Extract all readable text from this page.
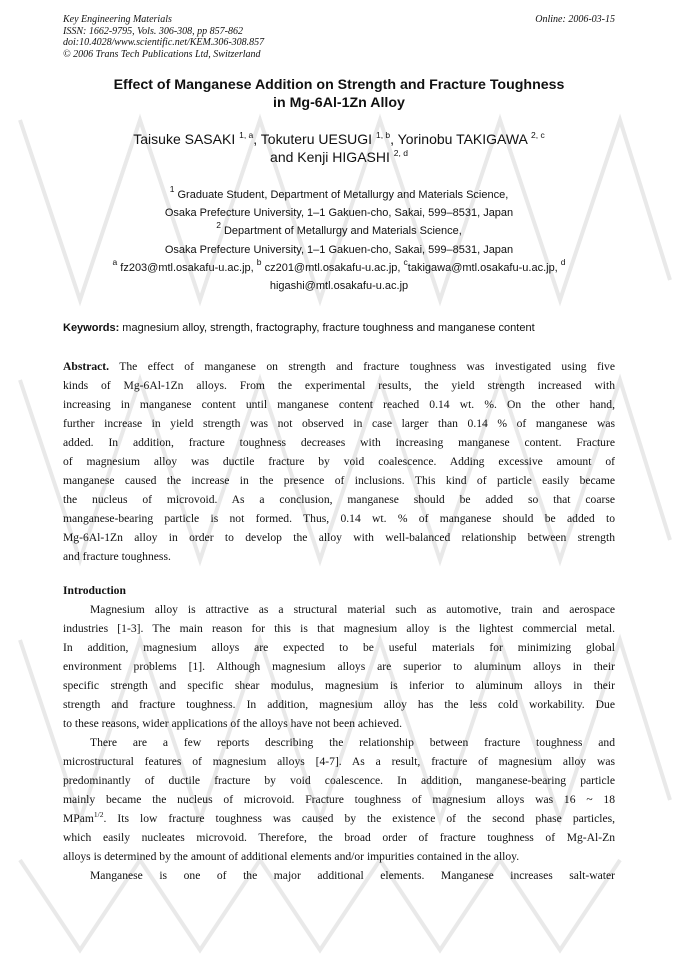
Key Engineering Materials
ISSN: 1662-9795, Vols. 306-308, pp 857-862
doi:10.4028/www.scientific.net/KEM.306-308.857
© 2006 Trans Tech Publications Ltd, Switzerland
Online: 2006-03-15
Effect of Manganese Addition on Strength and Fracture Toughness
in Mg-6Al-1Zn Alloy
Taisuke SASAKI $^{1, a}$, Tokuteru UESUGI $^{1, b}$, Yorinobu TAKIGAWA $^{2, c}$
and Kenji HIGASHI $^{2, d}$
$^1$ Graduate Student, Department of Metallurgy and Materials Science,
Osaka Prefecture University, 1–1 Gakuen-cho, Sakai, 599–8531, Japan
$^2$ Department of Metallurgy and Materials Science,
Osaka Prefecture University, 1–1 Gakuen-cho, Sakai, 599–8531, Japan
$^a$ fz203@mtl.osakafu-u.ac.jp, $^b$ cz201@mtl.osakafu-u.ac.jp, $^c$takigawa@mtl.osakafu-u.ac.jp, $^d$
higashi@mtl.osakafu-u.ac.jp
Keywords: magnesium alloy, strength, fractography, fracture toughness and manganese content
Abstract. The effect of manganese on strength and fracture toughness was investigated using five
kinds of Mg-6Al-1Zn alloys. From the experimental results, the yield strength increased with
increasing in manganese content until manganese content reached 0.14 wt. %. On the other hand,
further increase in yield strength was not observed in case larger than 0.14 % of manganese was
added. In addition, fracture toughness decreases with increasing manganese content. Fracture
of magnesium alloy was ductile fracture by void coalescence. Adding excessive amount of
manganese caused the increase in the presence of inclusions. This kind of particle easily became
the nucleus of microvoid. As a conclusion, manganese should be added so that coarse
manganese-bearing particle is not formed. Thus, 0.14 wt. % of manganese should be added to
Mg-6Al-1Zn alloy in order to develop the alloy with well-balanced relationship between strength
and fracture toughness.
Introduction
Magnesium alloy is attractive as a structural material such as automotive, train and aerospace
industries [1-3]. The main reason for this is that magnesium alloy is the lightest commercial metal.
In addition, magnesium alloys are expected to be useful materials for minimizing global
environment problems [1]. Although magnesium alloys are superior to aluminum alloys in their
specific strength and specific shear modulus, magnesium is inferior to aluminum alloys in their
strength and fracture toughness. In addition, magnesium alloy has the less cold workability. Due
to these reasons, wider applications of the alloys have not been achieved.
There are a few reports describing the relationship between fracture toughness and
microstructural features of magnesium alloys [4-7]. As a result, fracture of magnesium alloy was
predominantly of ductile fracture by void coalescence. In addition, manganese-bearing particle
mainly became the nucleus of microvoid. Fracture toughness of magnesium alloys was 16 ~ 18
MPam$^{1/2}$. Its low fracture toughness was caused by the existence of the second phase particles,
which easily nucleates microvoid. Therefore, the broad order of fracture toughness of Mg-Al-Zn
alloys is determined by the amount of additional elements and/or impurities contained in the alloy.
Manganese is one of the major additional elements. Manganese increases salt-water
